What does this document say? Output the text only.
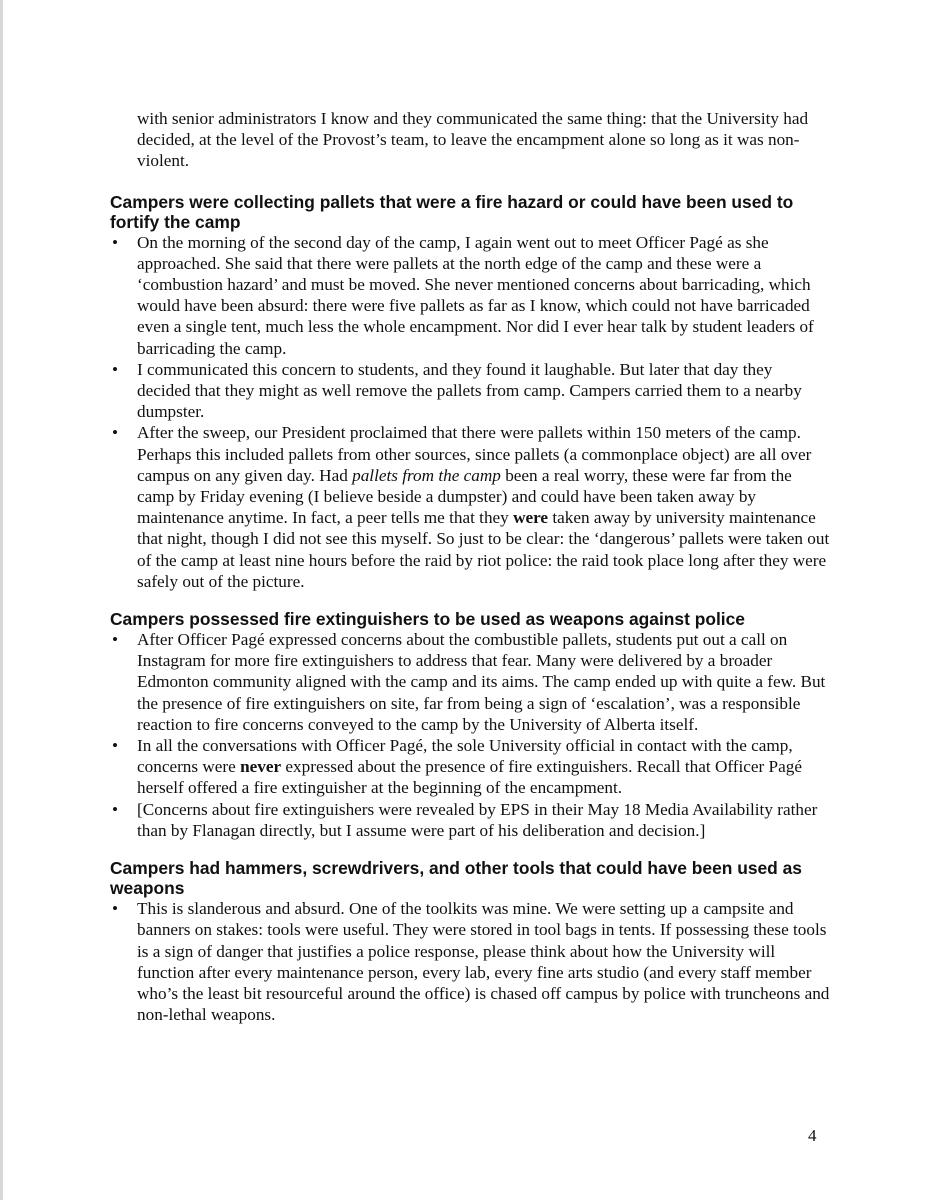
with senior administrators I know and they communicated the same thing: that the University had decided, at the level of the Provost’s team, to leave the encampment alone so long as it was non-violent.

Campers were collecting pallets that were a fire hazard or could have been used to fortify the camp
• On the morning of the second day of the camp, I again went out to meet Officer Pagé as she approached. She said that there were pallets at the north edge of the camp and these were a ‘combustion hazard’ and must be moved. She never mentioned concerns about barricading, which would have been absurd: there were five pallets as far as I know, which could not have barricaded even a single tent, much less the whole encampment. Nor did I ever hear talk by student leaders of barricading the camp.
• I communicated this concern to students, and they found it laughable. But later that day they decided that they might as well remove the pallets from camp. Campers carried them to a nearby dumpster.
• After the sweep, our President proclaimed that there were pallets within 150 meters of the camp. Perhaps this included pallets from other sources, since pallets (a commonplace object) are all over campus on any given day. Had pallets from the camp been a real worry, these were far from the camp by Friday evening (I believe beside a dumpster) and could have been taken away by maintenance anytime. In fact, a peer tells me that they were taken away by university maintenance that night, though I did not see this myself. So just to be clear: the ‘dangerous’ pallets were taken out of the camp at least nine hours before the raid by riot police: the raid took place long after they were safely out of the picture.
Campers possessed fire extinguishers to be used as weapons against police
• After Officer Pagé expressed concerns about the combustible pallets, students put out a call on Instagram for more fire extinguishers to address that fear. Many were delivered by a broader Edmonton community aligned with the camp and its aims. The camp ended up with quite a few. But the presence of fire extinguishers on site, far from being a sign of ‘escalation’, was a responsible reaction to fire concerns conveyed to the camp by the University of Alberta itself.
• In all the conversations with Officer Pagé, the sole University official in contact with the camp, concerns were never expressed about the presence of fire extinguishers. Recall that Officer Pagé herself offered a fire extinguisher at the beginning of the encampment.
• [Concerns about fire extinguishers were revealed by EPS in their May 18 Media Availability rather than by Flanagan directly, but I assume were part of his deliberation and decision.]
Campers had hammers, screwdrivers, and other tools that could have been used as weapons
• This is slanderous and absurd. One of the toolkits was mine. We were setting up a campsite and banners on stakes: tools were useful. They were stored in tool bags in tents. If possessing these tools is a sign of danger that justifies a police response, please think about how the University will function after every maintenance person, every lab, every fine arts studio (and every staff member who’s the least bit resourceful around the office) is chased off campus by police with truncheons and non-lethal weapons.
4
